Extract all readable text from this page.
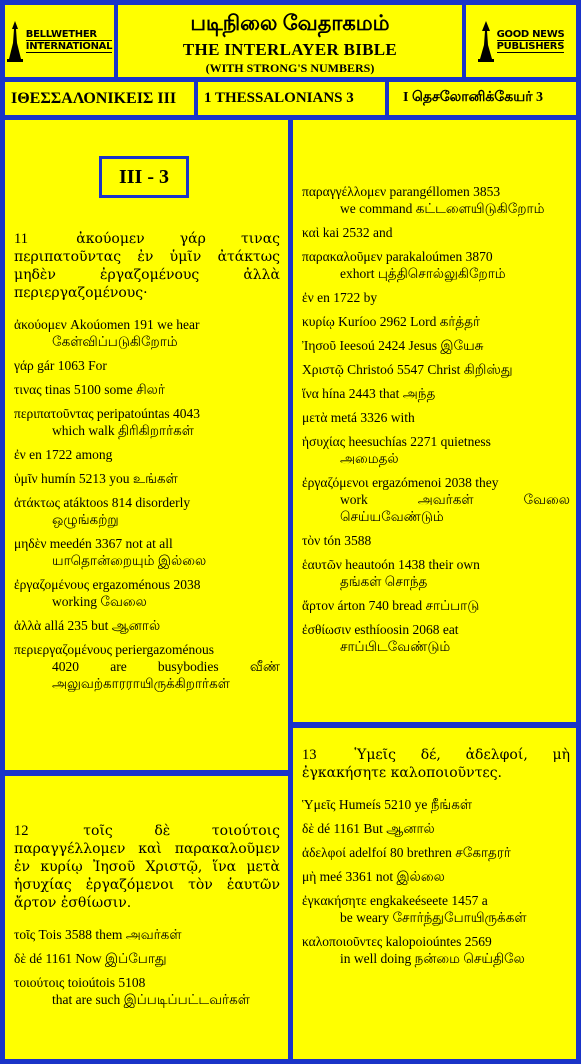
BELLWETHER
INTERNATIONAL
படிநிலை வேதாகமம்
THE INTERLAYER BIBLE
(WITH STRONG'S NUMBERS)
GOOD NEWS
PUBLISHERS
ΙΘΕΣΣΑΛΟΝΙΚΕΙΣ III 1 THESSALONIANS 3	I தெசலோனிக்கேயர் 3
III - 3
11	ἀκούομεν γάρ τινας περιπατοῦντας ἐν ὑμῖν ἀτάκτως μηδὲν ἐργαζομένους ἀλλὰ περιεργαζομένους·
ἀκούομεν Akoúomen 191 we hear
கேள்விப்படுகிறோம்
γάρ gár 1063 For
τινας tinas 5100 some சிலர்
περιπατοῦντας peripatoúntas 4043
which walk திரிகிறார்கள்
ἐν en 1722 among
ὑμῖν humín 5213 you உங்கள்
ἀτάκτως atáktoos 814 disorderly
ஒழுங்கற்று
μηδὲν meedén 3367 not at all
யாதொன்றையும் இல்லை
ἐργαζομένους ergazoménous 2038
working வேலை
ἀλλὰ allá 235 but ஆனால்
περιεργαζομένους periergazoménous
4020 are busybodies வீண் அலுவற்காரராயிருக்கிறார்கள்
12	τοῖς δὲ τοιούτοις παραγγέλλομεν καὶ παρακαλοῦμεν ἐν κυρίῳ Ἰησοῦ Χριστῷ, ἵνα μετὰ ἡσυχίας ἐργαζόμενοι τὸν ἑαυτῶν ἄρτον ἐσθίωσιν.
τοῖς Tois 3588 them அவர்கள்
δὲ dé 1161 Now இப்போது
τοιούτοις toioútois 5108
that are such இப்படிப்பட்டவர்கள்
παραγγέλλομεν parangéllomen 3853
we command கட்டளையிடுகிறோம்
καὶ kai 2532 and
παρακαλοῦμεν parakaloúmen 3870
exhort புத்திசொல்லுகிறோம்
ἐν en 1722 by
κυρίῳ Kuríoo 2962 Lord கர்த்தர்
Ἰησοῦ Ieesoú 2424 Jesus இயேசு
Χριστῷ Christoó 5547 Christ கிறிஸ்து
ἵνα hína 2443 that அந்த
μετὰ metá 3326 with
ἡσυχίας heesuchías 2271 quietness
அமைதல்
ἐργαζόμενοι ergazómenoi 2038 they
work அவர்கள் வேலை செய்யவேண்டும்
τὸν tón 3588
ἑαυτῶν heautoón 1438 their own
தங்கள் சொந்த
ἄρτον árton 740 bread சாப்பாடு
ἐσθίωσιν esthíoosin 2068 eat
சாப்பிடவேண்டும்
13	Ὑμεῖς δέ, ἀδελφοί, μὴ ἐγκακήσητε καλοποιοῦντες.
Ὑμεῖς Humeís 5210 ye நீங்கள்
δὲ dé 1161 But ஆனால்
ἀδελφοί adelfoí 80 brethren சகோதரர்
μὴ meé 3361 not இல்லை
ἐγκακήσητε engkakeéseete 1457 a
be weary சோர்ந்துபோயிருக்கள்
καλοποιοῦντες kalopoioúntes 2569
in well doing நன்மை செய்திலே
